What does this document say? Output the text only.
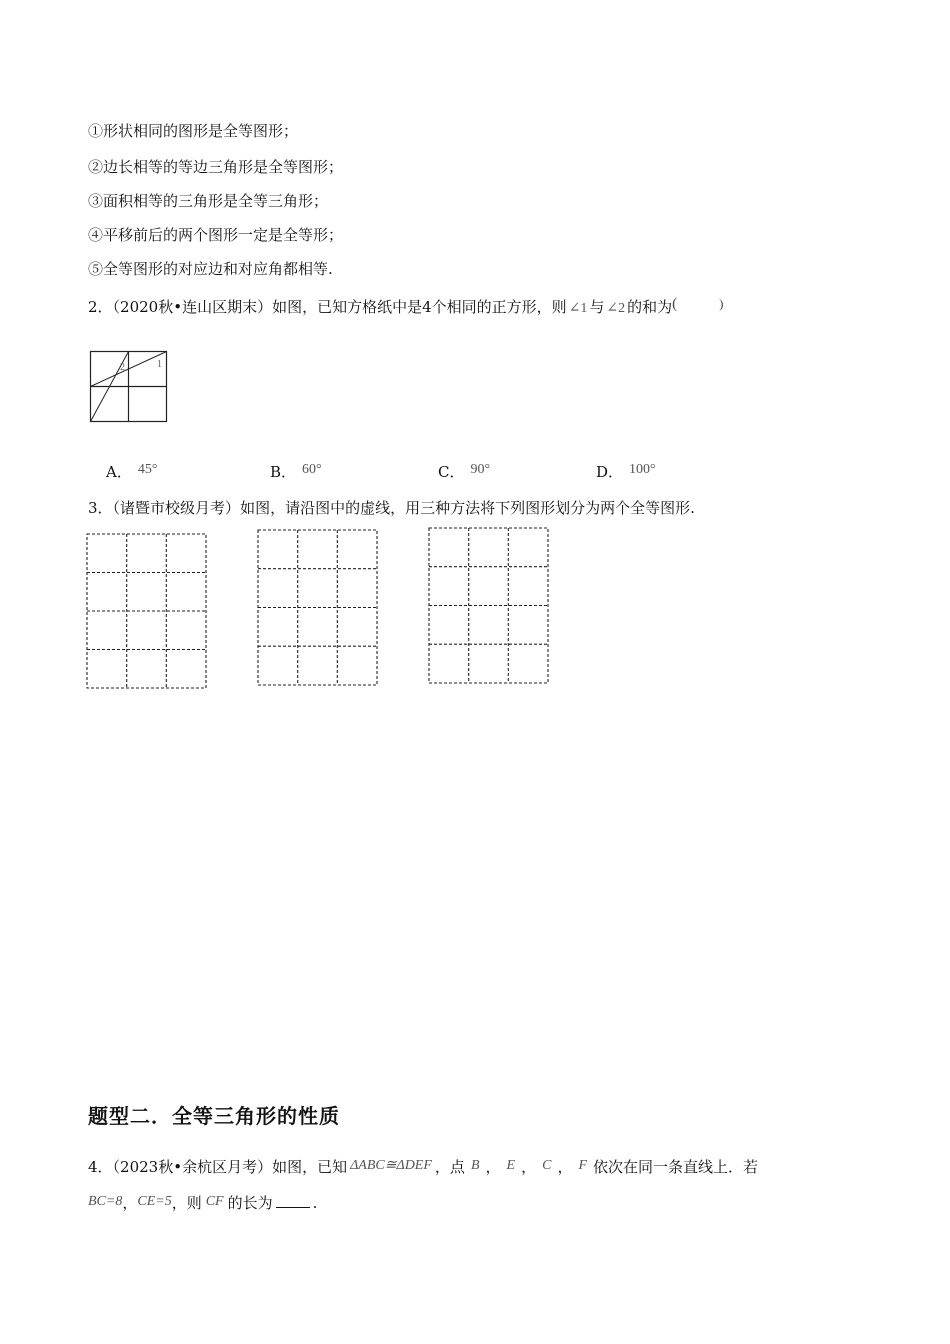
①形状相同的图形是全等图形；
②边长相等的等边三角形是全等图形；
③面积相等的三角形是全等三角形；
④平移前后的两个图形一定是全等形；
⑤全等图形的对应边和对应角都相等.
2．（2020秋•连山区期末）如图，已知方格纸中是4个相同的正方形，则 ∠1 与 ∠2 的和为(	)
2	1
A． 45°	B． 60°	C． 90°	D． 100°
3．（诸暨市校级月考）如图，请沿图中的虚线，用三种方法将下列图形划分为两个全等图形.
题型二．全等三角形的性质
4．（2023秋•余杭区月考）如图，已知 ΔABC≅ΔDEF ，点 B ， E ， C ， F 依次在同一条直线上．若
BC=8，CE=5，则 CF 的长为	.
